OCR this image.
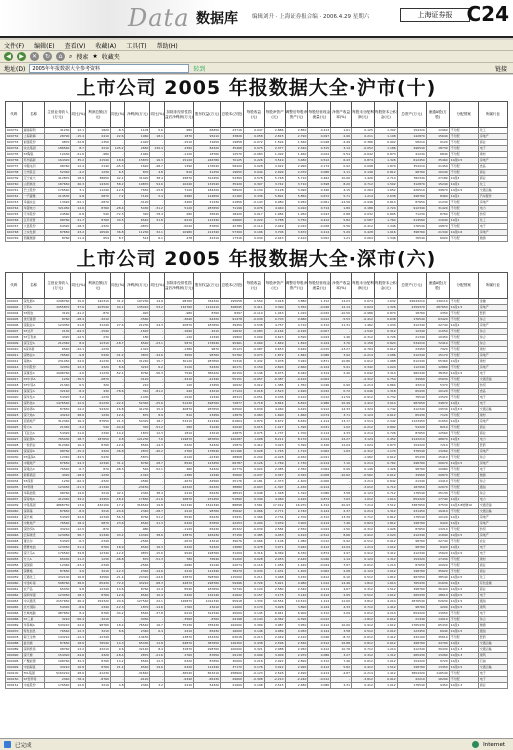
Data 数据库	编辑刘升 · 上海证券报合编 · 2006.4.29 星期六	上海证券报 C24
文件(F) 编辑(E) 查看(V) 收藏(A) 工具(T) 帮助(H)
◀	▶	✕	↻	⌂	⌕ 搜索 ★ 收藏夹
地址(D)	2005年年报数据大全参考资料	转到	链接
上市公司 2005 年报数据大全·沪市(十)
代码	名称	主营业务收入(万元)	同比(%)	利润总额(万元)	同比(%)	净利润(万元)	同比(%)	扣除非经常性损益后净利润(万元)	股东权益(万元)	总股本(万股)	每股收益(元)	每股净资产(元)	调整后每股净资产(元)	每股经营现金流量(元)	净资产收益率(%)	每股未分配利润(元)	每股资本公积金(元)	总资产(万元)	流通A股(万股)	分配预案	所属行业
600731	湖南海利	41230	12.1	1820	-8.3	1105	5.6	980	68450	23716	0.047	2.886	2.850	0.213	1.61	0.125	1.302	154320	12960	不分配	化工
600732	上海新梅	28790	-15.4	2410	22.6	1960	18.1	1870	95210	33826	0.058	2.815	2.790	0.097	2.06	0.211	1.108	142870	15640	不分配	房地产
600733	前锋股份	9870	-32.8	-1350	-	-1420	-	-1510	31650	19858	-0.072	1.594	1.560	-0.048	-4.49	-0.386	0.902	58210	9120	不分配	商业
600734	实达集团	186540	8.7	3210	145.2	2650	130.4	2390	84320	35468	0.075	2.377	2.340	0.315	3.14	-0.052	1.186	296540	18730	不分配	电子
600735	ST陶瓷	12430	-21.6	-980	-	-1040	-	-1120	18760	12570	-0.083	1.492	1.460	0.024	-5.54	-0.642	0.873	41230	6840	不分配	建材
600736	苏州高新	164320	35.2	21540	18.6	15870	16.3	15120	246780	70125	0.226	3.519	3.480	0.512	6.43	0.874	1.326	612450	35460	10派0.5	房地产
600737	中粮屯河	98760	12.4	2140	-45.3	1620	-48.7	1390	176540	58420	0.028	3.022	2.990	0.174	0.92	0.098	1.874	354210	21450	不分配	食品
600738	兰州民百	52340	-4.2	1230	6.5	870	4.8	810	41250	19650	0.044	2.099	2.070	0.086	2.11	0.146	0.812	98760	10240	不分配	商业
600739	辽宁成大	412870	18.9	38650	42.1	31420	38.4	29870	312450	54360	0.578	5.748	5.710	0.462	10.06	1.426	2.714	782340	27180	10派2	商业
600740	山西焦化	187650	26.3	14320	58.2	10870	54.6	10240	132540	35420	0.307	3.742	3.710	0.598	8.20	0.712	1.502	312870	15240	10派1	化工
600741	巴士股份	176540	3.1	11240	-12.6	7650	-15.8	7120	184320	58920	0.130	3.128	3.090	0.346	4.15	0.264	1.652	426510	39870	10派0.5	交通运输
600742	一汽富维	214530	9.8	9870	7.2	7120	5.4	6980	124650	21160	0.336	5.891	5.850	0.672	5.71	1.214	2.638	298760	8460	10派1	汽车配件
600743	幸福实业	13420	-52.1	-2870	-	-3120	-	-3260	21430	21856	-0.143	0.980	0.950	-0.061	-14.56	-0.946	0.814	87650	11230	不分配	房地产
600744	华银电力	321450	14.6	8760	-28.4	5430	-31.2	5120	287650	71196	0.076	4.040	4.010	0.714	1.89	0.186	2.724	912340	31420	不分配	电力
600745	天华股份	24560	-6.8	540	-72.3	320	-78.4	280	36540	18420	0.017	1.984	1.950	0.043	0.88	0.032	0.895	71230	8760	不分配	纺织
600746	江苏索普	98760	21.7	8760	34.5	6540	31.8	6210	112340	29660	0.220	3.788	3.750	0.412	5.82	0.587	1.764	214560	11640	10派1	化工
600747	大显股份	64320	-18.3	-4320	-	-4870	-	-5020	87650	42780	-0.114	2.049	2.010	-0.028	-5.56	-0.412	1.346	176540	19870	不分配	电子
600748	上实发展	87650	43.2	16540	36.8	11230	32.1	10980	212340	57300	0.196	3.706	3.670	0.214	5.29	0.428	1.916	398760	21340	10派0.6	房地产
600749	西藏旅游	8760	11.4	654	8.7	512	6.1	478	42310	17316	0.030	2.443	2.410	0.052	1.21	0.064	1.346	76540	6920	不分配	旅游
上市公司 2005 年报数据大全·深市(六)
代码	名称	主营业务收入(万元)	同比(%)	利润总额(万元)	同比(%)	净利润(万元)	同比(%)	扣除非经常性损益后净利润(万元)	股东权益(万元)	总股本(万股)	每股收益(元)	每股净资产(元)	调整后每股净资产(元)	每股经营现金流量(元)	净资产收益率(%)	每股未分配利润(元)	每股资本公积金(元)	总资产(万元)	流通A股(万股)	分配预案	所属行业
000001	深发展A	1298760	15.6	142310	31.2	107230	14.9	98760	764320	195058	0.550	3.918	3.880	1.312	14.03	0.674	1.632	26543210	139110	不分配	金融
000002	万科A	1055870	37.6	203540	44.1	135010	53.2	132760	1112410	328095	0.411	3.390	3.350	-0.046	12.14	0.624	1.326	2159370	287650	10派1.5	房地产
000004	ST国农	3120	-41.2	-870	-	-920	-	-980	8760	8397	-0.110	1.043	1.010	-0.032	-10.50	-0.986	0.874	18760	4350	不分配	医药
000005	世纪星源	8760	-28.4	-3210	-	-3560	-	-3640	64320	91478	-0.039	0.703	0.680	0.012	-5.53	-0.412	0.638	176540	63420	不分配	综合
000006	深振业A	124350	21.8	31240	27.6	21230	24.3	20870	187650	39450	0.538	4.757	4.710	0.312	11.31	1.462	1.934	412340	22740	10派2	房地产
000007	ST达声	2130	-64.3	-1540	-	-1620	-	-1690	-3210	19632	-0.083	-0.164	-0.190	-0.007	-	-1.542	0.312	12340	11050	不分配	综合
000008	ST宝利来	4320	-12.5	230	-	180	-	-120	12340	19800	0.009	0.623	0.590	0.024	1.46	-0.312	0.726	21340	10450	不分配	综合
000009	深宝安A	212340	8.9	12310	-18.7	6540	-23.1	5870	176540	95461	0.069	1.849	1.810	0.124	3.70	0.158	0.824	534210	72410	不分配	综合
000010	S深华新	6540	-22.1	-1230	-	-1310	-	-1380	9870	15123	-0.087	0.653	0.620	-0.015	-13.27	-0.764	0.612	23450	7920	不分配	建材
000011	深物业A	76540	-9.8	5430	-31.2	3870	-34.6	3650	98760	52762	0.073	1.872	1.840	0.086	3.92	-0.214	1.086	212340	15170	不分配	房地产
000012	南玻A	231450	24.6	41230	18.3	31240	15.7	30120	287650	72316	0.432	3.978	3.940	0.871	10.86	0.612	1.988	612340	55360	10派2	建材
000014	沙河股份	32450	12.3	4320	8.6	3210	6.2	3120	54320	20171	0.159	2.693	2.660	-0.124	5.91	0.342	1.024	112340	12860	不分配	房地产
000016	深康佳A	1098760	-4.6	11230	-52.1	8760	-56.3	7540	365420	60150	0.146	6.075	6.040	0.314	2.40	0.642	3.314	982340	38450	10派0.5	电子
000017	ST中华A	1230	-76.5	-2870	-	-3120	-	-3210	-21340	55151	-0.057	-0.387	-0.410	-0.004	-	-2.312	0.754	34560	25630	不分配	交通设备
000018	ST中冠A	21340	6.5	320	-	210	-	120	23450	16932	0.012	1.385	1.350	0.046	0.90	-0.214	0.864	43210	5370	不分配	纺织
000019	深深宝A	32140	-8.4	430	-78.6	310	-81.2	240	43210	17124	0.018	2.523	2.490	0.032	0.72	0.046	1.318	65430	10120	不分配	食品
000020	深华发A	54320	3.2	-1230	-	-1430	-	-1520	12340	28313	-0.051	0.436	0.410	0.012	-11.59	-0.912	0.732	76540	13520	不分配	电子
000021	深科技A	1476540	12.9	61230	-22.4	52340	-25.6	51230	498760	72877	0.718	6.844	6.810	0.986	10.49	2.412	3.014	987650	34870	10派1	电子
000022	深赤湾A	87650	14.2	54320	16.8	41230	15.4	40870	287650	64500	0.639	4.460	4.420	0.912	14.33	1.324	1.742	412340	19530	10派3.5	交通运输
000023	深天地A	43210	28.6	1230	12.4	870	8.9	810	23450	13879	0.063	1.690	1.660	0.074	3.71	0.124	0.612	65430	7120	不分配	建材
000024	招商地产	312340	16.4	87650	21.3	54320	18.7	53210	412340	61804	0.879	6.672	6.630	-1.214	13.17	2.514	2.342	1123450	21650	10派2	房地产
000025	特力A	21340	-3.2	540	-44.6	320	-51.2	280	31240	22040	0.015	1.417	1.390	0.031	1.02	-0.212	0.892	54320	8210	不分配	商业
000026	飞亚达A	54320	11.6	2340	14.2	1870	12.3	1810	43210	24875	0.075	1.737	1.700	0.114	4.33	0.214	0.726	87650	12560	不分配	商业
000027	深能源A	765430	18.7	187650	9.8	121230	7.6	119870	987650	120287	1.008	8.211	8.170	2.014	12.27	3.124	2.452	2143210	48870	10派3	电力
000028	一致药业	312340	10.4	8760	-12.6	6540	-14.3	6320	54320	15870	0.412	3.423	3.390	0.326	12.04	1.024	0.873	154320	7210	不分配	医药
000029	深深房A	98760	-15.4	4320	-36.8	2870	-40.2	2760	176540	101166	0.028	1.745	1.710	0.062	1.63	-0.312	1.174	376540	13260	不分配	房地产
000030	ST盛润A	12340	-34.5	-5430	-	-5870	-	-6120	-12340	28808	-0.204	-0.428	-0.450	-0.021	-	-1.962	0.612	65430	15410	不分配	综合
000031	中粮地产	87650	24.3	12340	31.2	8760	28.7	8540	123450	69787	0.126	1.769	1.730	-0.214	7.10	0.214	0.762	298760	20670	10派0.5	房地产
000032	深桑达A	76540	-6.7	870	-48.3	540	-52.1	480	54320	22779	0.024	2.385	2.350	0.064	0.99	0.146	1.426	98760	10980	不分配	电子
000033	新都酒店	4320	-18.9	-1230	-	-1310	-	-1380	12340	35600	-0.037	0.347	0.320	-0.008	-10.62	-0.562	0.612	34560	20870	不分配	旅游
000034	ST深泰	1230	-62.4	-4320	-	-4560	-	-4670	-34560	25176	-0.181	-1.373	-1.400	-0.006	-	-3.214	0.842	21340	14410	不分配	综合
000035	ST科健	123450	-21.3	-21340	-	-23450	-	-24320	-54320	38880	-0.603	-1.397	-1.430	-0.214	-	-3.012	0.712	187650	22670	不分配	通信
000036	华联控股	98760	14.6	3210	42.1	2340	38.4	2210	65430	48543	0.048	1.348	1.310	0.086	3.58	-0.124	0.712	176540	25130	不分配	综合
000037	深南电A	412340	34.2	23450	-18.4	17650	-21.6	16870	231450	51890	0.340	4.460	4.420	0.874	7.63	1.012	1.614	654320	17740	10派1	电力
000039	中集集团	4868750	13.6	432100	17.2	316540	19.8	312340	1512340	88898	3.561	17.012	16.970	4.312	20.93	7.214	3.512	3387650	37530	10派3.8转增10	交通设备
000040	深鸿基	87650	-8.9	3210	-24.6	2340	-28.7	2210	98760	35642	0.066	2.771	2.740	0.124	2.37	0.214	1.312	231450	19410	不分配	交通运输
000042	深长城	54320	42.6	12340	56.3	8760	51.2	8540	65430	23931	0.366	2.734	2.700	-0.312	13.39	0.712	0.812	176540	10120	10派1	房地产
000043	中航地产	76540	18.4	9870	23.6	6540	21.3	6320	87650	22253	0.294	3.939	3.900	0.214	7.46	0.824	1.812	198760	9420	10派1	房地产
000045	深纺织A	43210	-12.5	-870	-	-980	-	-1120	65430	25322	-0.039	2.584	2.550	0.024	-1.50	-0.312	1.926	87650	13210	不分配	纺织
000046	泛海建设	123450	56.7	21340	43.2	14320	38.6	13870	165430	37150	0.385	4.453	4.410	-0.512	8.66	0.912	2.024	412340	11840	10派0.5	房地产
000048	康达尔	54320	-6.3	-2340	-	-2560	-	-2670	43210	39076	-0.066	1.106	1.080	0.012	-5.92	-0.512	0.912	98760	22740	不分配	农业
000049	德赛电池	123450	21.4	8760	18.9	6540	16.3	6320	54320	13680	0.478	3.971	3.940	0.412	12.04	1.214	1.012	98760	8420	10派1	电子
000050	深天马A	176540	34.8	12340	-12.4	9870	-15.6	9540	198760	31209	0.316	6.369	6.330	0.874	4.97	0.912	3.412	412340	15620	10派0.5	电子
000055	方大A	65430	11.2	1230	-46.8	870	-51.3	780	76540	31200	0.028	2.453	2.420	0.046	1.14	0.124	1.312	154320	17430	不分配	建材
000056	深国商	12340	-23.4	-2340	-	-2560	-	-2680	32140	22074	-0.116	1.456	1.420	-0.024	-7.97	-0.612	1.214	87650	10020	不分配	商业
000058	深赛格	87650	4.6	3210	-12.3	2340	-14.6	2210	112340	78479	0.030	1.431	1.400	0.062	2.08	-0.124	1.012	198760	35620	不分配	商业
000059	辽通化工	432100	16.8	34560	-21.4	24320	-24.6	23870	398760	115000	0.211	3.468	3.430	0.612	6.10	0.512	1.812	987650	38540	10派0.5	化工
000060	中金岭南	598760	38.6	65430	72.4	43210	68.3	42870	298760	59496	0.726	5.021	4.980	1.012	14.46	1.812	1.614	765430	21630	10派2	有色金属
000061	农产品	65430	9.8	12340	14.6	8760	12.4	8540	187650	72740	0.120	2.580	2.540	0.214	4.67	0.312	1.512	398760	36420	10派0.5	商业
000062	深圳华强	123450	18.3	8760	12.6	6540	10.4	6320	132140	41622	0.157	3.175	3.140	0.212	4.95	0.512	1.612	265430	18610	10派0.5	电子
000063	中兴通讯	2157650	26.4	154320	20.6	127540	22.1	126870	1012340	95918	1.330	10.554	10.510	1.214	12.60	3.812	4.214	2876540	52630	10派2.5	通信
000065	北方国际	54320	-8.6	2340	-12.3	1870	-14.6	1760	43210	11000	0.170	3.928	3.890	0.124	4.33	0.712	1.412	98760	4200	10派0.5	建筑
000066	长城电脑	987650	8.4	8760	-34.2	6540	-37.8	6210	312340	45000	0.145	6.941	6.900	0.312	2.09	0.612	4.214	654320	13050	不分配	电子
000068	ST三星	3210	-56.4	-3210	-	-3450	-	-3560	-8760	24198	-0.143	-0.362	-0.390	-0.012	-	-1.812	0.612	21340	14010	不分配	综合
000069	华侨城A	543210	22.6	98760	18.4	76540	16.7	75430	765430	192000	0.399	3.987	3.950	0.412	10.00	0.912	1.612	1765430	65430	10派1	旅游
000070	特发信息	76540	12.3	3210	8.6	2340	6.4	2210	65430	16000	0.146	4.089	4.050	0.124	3.58	0.512	2.012	123450	6940	10派0.5	通信
000078	海王生物	143210	-12.4	-12340	-	-13450	-	-13870	154320	63018	-0.213	2.449	2.410	0.046	-8.72	-0.612	2.412	432100	35610	不分配	医药
000088	盐田港	87650	18.6	76540	14.3	65430	12.8	64870	387650	149300	0.438	2.596	2.560	0.512	16.88	0.812	0.612	498760	44790	10派2	交通运输
000089	深圳机场	98760	13.2	43210	9.6	32140	8.4	31870	298760	100000	0.321	2.988	2.950	0.412	10.76	0.712	1.214	412340	30430	10派1.3	交通运输
000090	深天健	154320	24.6	4320	-18.4	2870	-21.6	2760	87650	29130	0.099	3.009	2.970	0.086	3.27	0.312	1.312	265430	13260	10派0.3	建筑
000096	广聚能源	198760	32.4	8760	14.2	6540	12.3	6320	87650	30000	0.218	2.922	2.890	0.312	7.46	0.612	1.012	154320	9720	10派1	石油
000099	中信海直	43210	16.8	8760	21.4	6540	19.6	6320	112340	37170	0.176	3.022	2.990	0.412	5.82	0.412	1.512	198760	13450	10派0.5	交通运输
000100	TCL集团	5163210	28.6	-41230	-	-31840	-	-36540	653210	258600	-0.123	2.526	2.490	0.214	-4.87	-0.214	1.412	3654320	116540	不分配	电子
000150	ST麦科特	2340	-78.4	-8760	-	-9120	-	-9340	-65430	29600	-0.308	-2.210	-2.240	-0.012	-	-3.812	0.912	43210	16290	不分配	电子
000151	中成股份	176540	12.6	3210	4.8	2340	3.2	2210	54320	21600	0.108	2.515	2.480	0.086	4.31	0.412	1.012	176540	9450	10派0.3	商业
已完成	Internet
